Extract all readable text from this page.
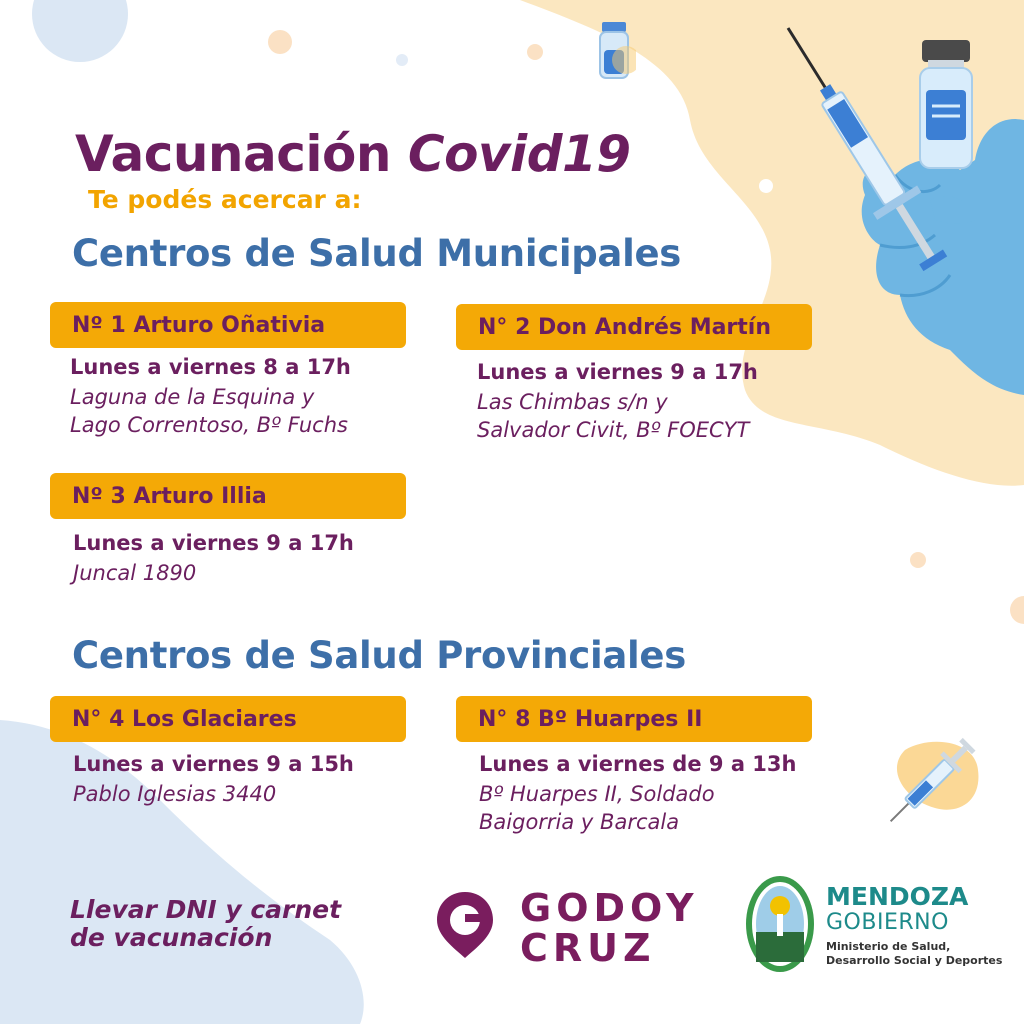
Vacunación Covid19
Te podés acercar a:
Centros de Salud Municipales
Nº 1 Arturo Oñativia
Lunes a viernes 8 a 17h
Laguna de la Esquina y
Lago Correntoso, Bº Fuchs
N° 2 Don Andrés Martín
Lunes a viernes 9 a 17h
Las Chimbas s/n y
Salvador Civit, Bº FOECYT
Nº 3 Arturo Illia
Lunes a viernes 9 a 17h
Juncal 1890
Centros de Salud Provinciales
N° 4 Los Glaciares
Lunes a viernes 9 a 15h
Pablo Iglesias 3440
N° 8 Bº Huarpes II
Lunes a viernes de 9 a 13h
Bº Huarpes II, Soldado
Baigorria y Barcala
Llevar DNI y carnet
de vacunación
GODOY
CRUZ
MENDOZA
GOBIERNO
Ministerio de Salud,
Desarrollo Social y Deportes
